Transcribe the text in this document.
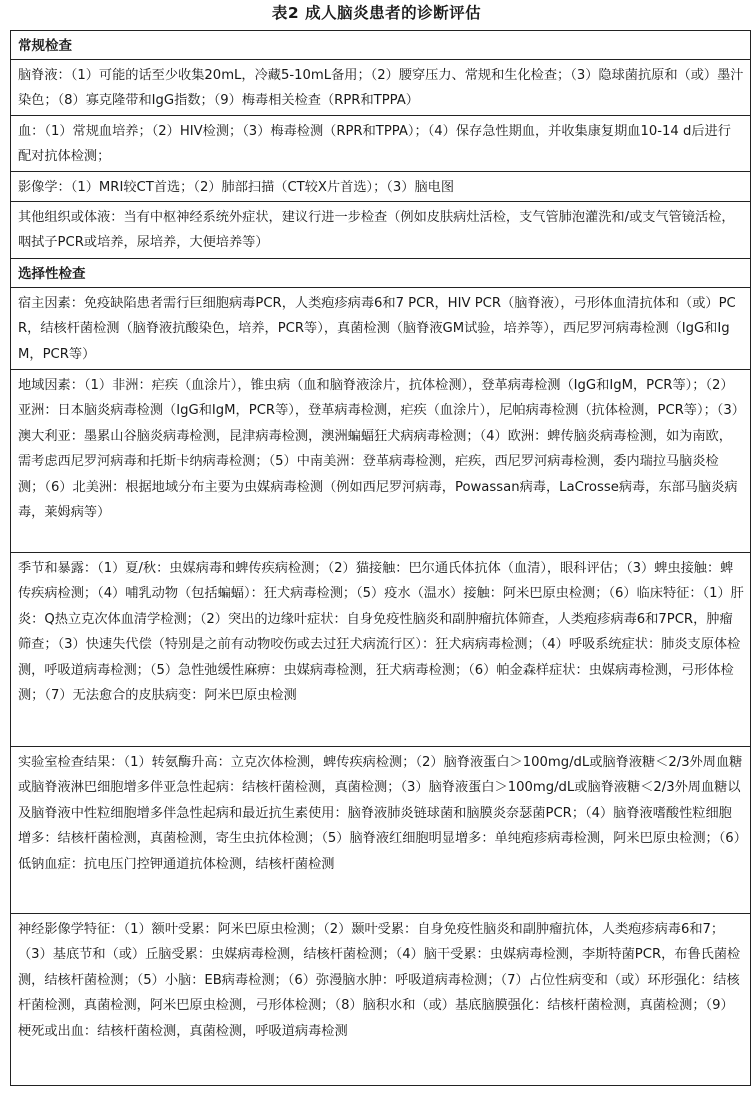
表2 成人脑炎患者的诊断评估
常规检查
脑脊液：（1）可能的话至少收集20mL，冷藏5-10mL备用；（2）腰穿压力、常规和生化检查；（3）隐球菌抗原和（或）墨汁染色；（8）寡克隆带和IgG指数；（9）梅毒相关检查（RPR和TPPA）
血：（1）常规血培养；（2）HIV检测；（3）梅毒检测（RPR和TPPA）；（4）保存急性期血，并收集康复期血10-14 d后进行配对抗体检测；
影像学：（1）MRI较CT首选；（2）肺部扫描（CT较X片首选）；（3）脑电图
其他组织或体液：当有中枢神经系统外症状，建议行进一步检查（例如皮肤病灶活检，支气管肺泡灌洗和/或支气管镜活检，咽拭子PCR或培养，尿培养，大便培养等）
选择性检查
宿主因素：免疫缺陷患者需行巨细胞病毒PCR，人类疱疹病毒6和7 PCR，HIV PCR（脑脊液），弓形体血清抗体和（或）PCR，结核杆菌检测（脑脊液抗酸染色，培养，PCR等），真菌检测（脑脊液GM试验，培养等），西尼罗河病毒检测（IgG和IgM，PCR等）
地域因素：（1）非洲：疟疾（血涂片），锥虫病（血和脑脊液涂片，抗体检测），登革病毒检测（IgG和IgM，PCR等）；（2）亚洲：日本脑炎病毒检测（IgG和IgM，PCR等），登革病毒检测，疟疾（血涂片），尼帕病毒检测（抗体检测，PCR等）；（3）澳大利亚：墨累山谷脑炎病毒检测，昆津病毒检测，澳洲蝙蝠狂犬病病毒检测；（4）欧洲：蜱传脑炎病毒检测，如为南欧，需考虑西尼罗河病毒和托斯卡纳病毒检测；（5）中南美洲：登革病毒检测，疟疾，西尼罗河病毒检测，委内瑞拉马脑炎检测；（6）北美洲：根据地域分布主要为虫媒病毒检测（例如西尼罗河病毒，Powassan病毒，LaCrosse病毒，东部马脑炎病毒，莱姆病等）
季节和暴露：（1）夏/秋：虫媒病毒和蜱传疾病检测；（2）猫接触：巴尔通氏体抗体（血清），眼科评估；（3）蜱虫接触：蜱传疾病检测；（4）哺乳动物（包括蝙蝠）：狂犬病毒检测；（5）疫水（温水）接触：阿米巴原虫检测；（6）临床特征：（1）肝炎：Q热立克次体血清学检测；（2）突出的边缘叶症状：自身免疫性脑炎和副肿瘤抗体筛查，人类疱疹病毒6和7PCR，肿瘤筛查；（3）快速失代偿（特别是之前有动物咬伤或去过狂犬病流行区）：狂犬病病毒检测；（4）呼吸系统症状：肺炎支原体检测，呼吸道病毒检测；（5）急性弛缓性麻痹：虫媒病毒检测，狂犬病毒检测；（6）帕金森样症状：虫媒病毒检测，弓形体检测；（7）无法愈合的皮肤病变：阿米巴原虫检测
实验室检查结果：（1）转氨酶升高：立克次体检测，蜱传疾病检测；（2）脑脊液蛋白＞100mg/dL或脑脊液糖＜2/3外周血糖或脑脊液淋巴细胞增多伴亚急性起病：结核杆菌检测，真菌检测；（3）脑脊液蛋白＞100mg/dL或脑脊液糖＜2/3外周血糖以及脑脊液中性粒细胞增多伴急性起病和最近抗生素使用：脑脊液肺炎链球菌和脑膜炎奈瑟菌PCR；（4）脑脊液嗜酸性粒细胞增多：结核杆菌检测，真菌检测，寄生虫抗体检测；（5）脑脊液红细胞明显增多：单纯疱疹病毒检测，阿米巴原虫检测；（6）低钠血症：抗电压门控钾通道抗体检测，结核杆菌检测
神经影像学特征：（1）额叶受累：阿米巴原虫检测；（2）颞叶受累：自身免疫性脑炎和副肿瘤抗体，人类疱疹病毒6和7；（3）基底节和（或）丘脑受累：虫媒病毒检测，结核杆菌检测；（4）脑干受累：虫媒病毒检测，李斯特菌PCR，布鲁氏菌检测，结核杆菌检测；（5）小脑：EB病毒检测；（6）弥漫脑水肿：呼吸道病毒检测；（7）占位性病变和（或）环形强化：结核杆菌检测，真菌检测，阿米巴原虫检测，弓形体检测；（8）脑积水和（或）基底脑膜强化：结核杆菌检测，真菌检测；（9）梗死或出血：结核杆菌检测，真菌检测，呼吸道病毒检测
